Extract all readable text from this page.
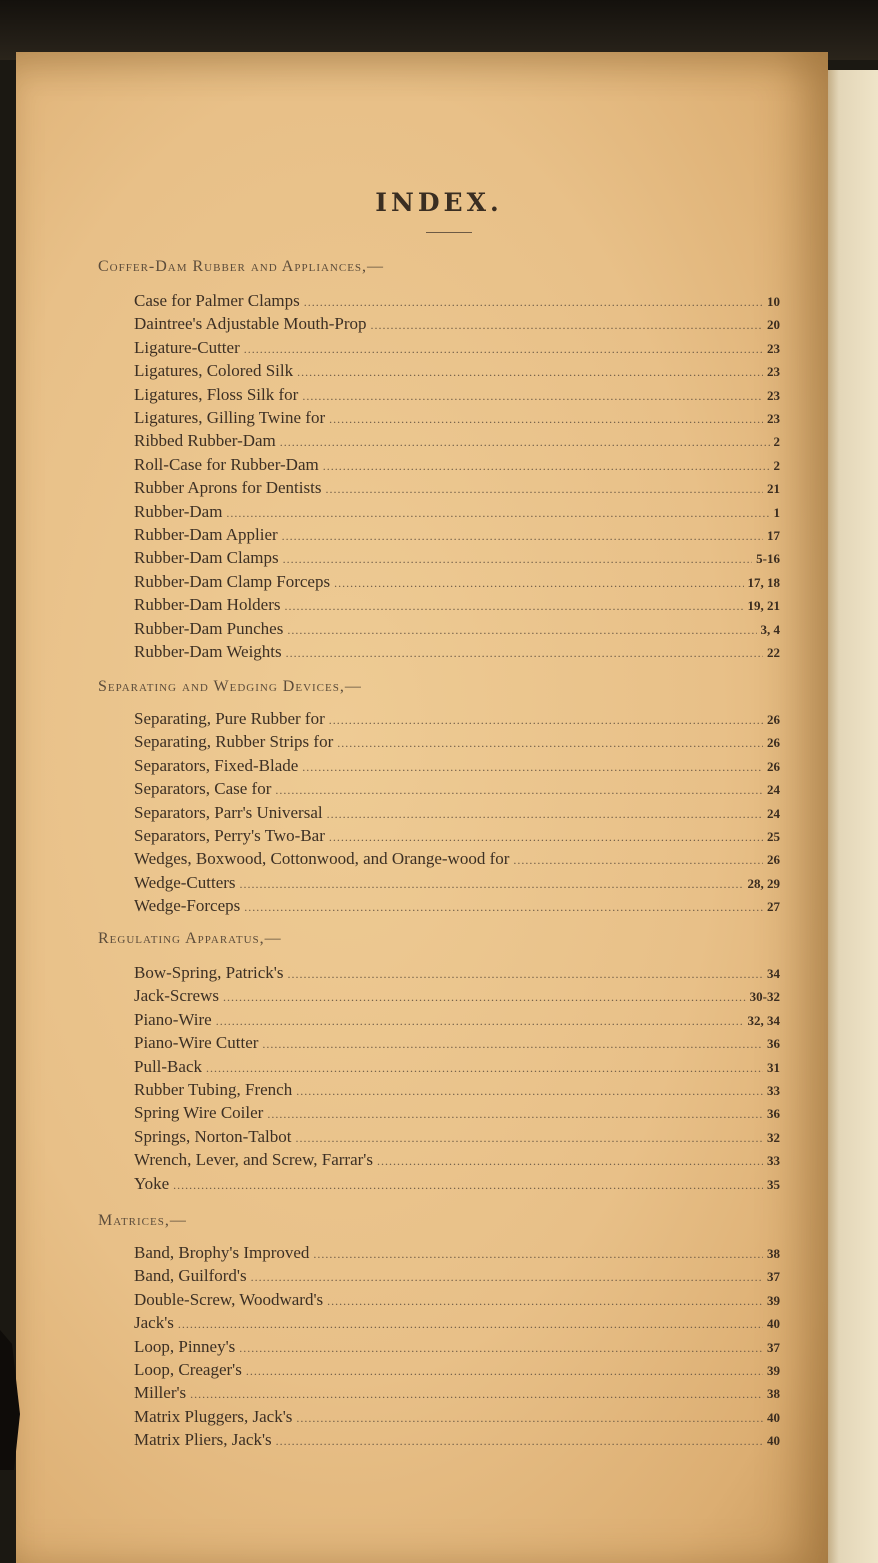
INDEX.
Coffer-Dam Rubber and Appliances,—
Case for Palmer Clamps .....	10
Daintree's Adjustable Mouth-Prop .....	20
Ligature-Cutter .....	23
Ligatures, Colored Silk .....	23
Ligatures, Floss Silk for .....	23
Ligatures, Gilling Twine for .....	23
Ribbed Rubber-Dam .....	2
Roll-Case for Rubber-Dam .....	2
Rubber Aprons for Dentists .....	21
Rubber-Dam .....	1
Rubber-Dam Applier .....	17
Rubber-Dam Clamps .....	5-16
Rubber-Dam Clamp Forceps .....	17, 18
Rubber-Dam Holders .....	19, 21
Rubber-Dam Punches .....	3, 4
Rubber-Dam Weights .....	22
Separating and Wedging Devices,—
Separating, Pure Rubber for .....	26
Separating, Rubber Strips for .....	26
Separators, Fixed-Blade .....	26
Separators, Case for .....	24
Separators, Parr's Universal .....	24
Separators, Perry's Two-Bar .....	25
Wedges, Boxwood, Cottonwood, and Orange-wood for .....	26
Wedge-Cutters .....	28, 29
Wedge-Forceps .....	27
Regulating Apparatus,—
Bow-Spring, Patrick's .....	34
Jack-Screws .....	30-32
Piano-Wire .....	32, 34
Piano-Wire Cutter .....	36
Pull-Back .....	31
Rubber Tubing, French .....	33
Spring Wire Coiler .....	36
Springs, Norton-Talbot .....	32
Wrench, Lever, and Screw, Farrar's .....	33
Yoke .....	35
Matrices,—
Band, Brophy's Improved .....	38
Band, Guilford's .....	37
Double-Screw, Woodward's .....	39
Jack's .....	40
Loop, Pinney's .....	37
Loop, Creager's .....	39
Miller's .....	38
Matrix Pluggers, Jack's .....	40
Matrix Pliers, Jack's .....	40
